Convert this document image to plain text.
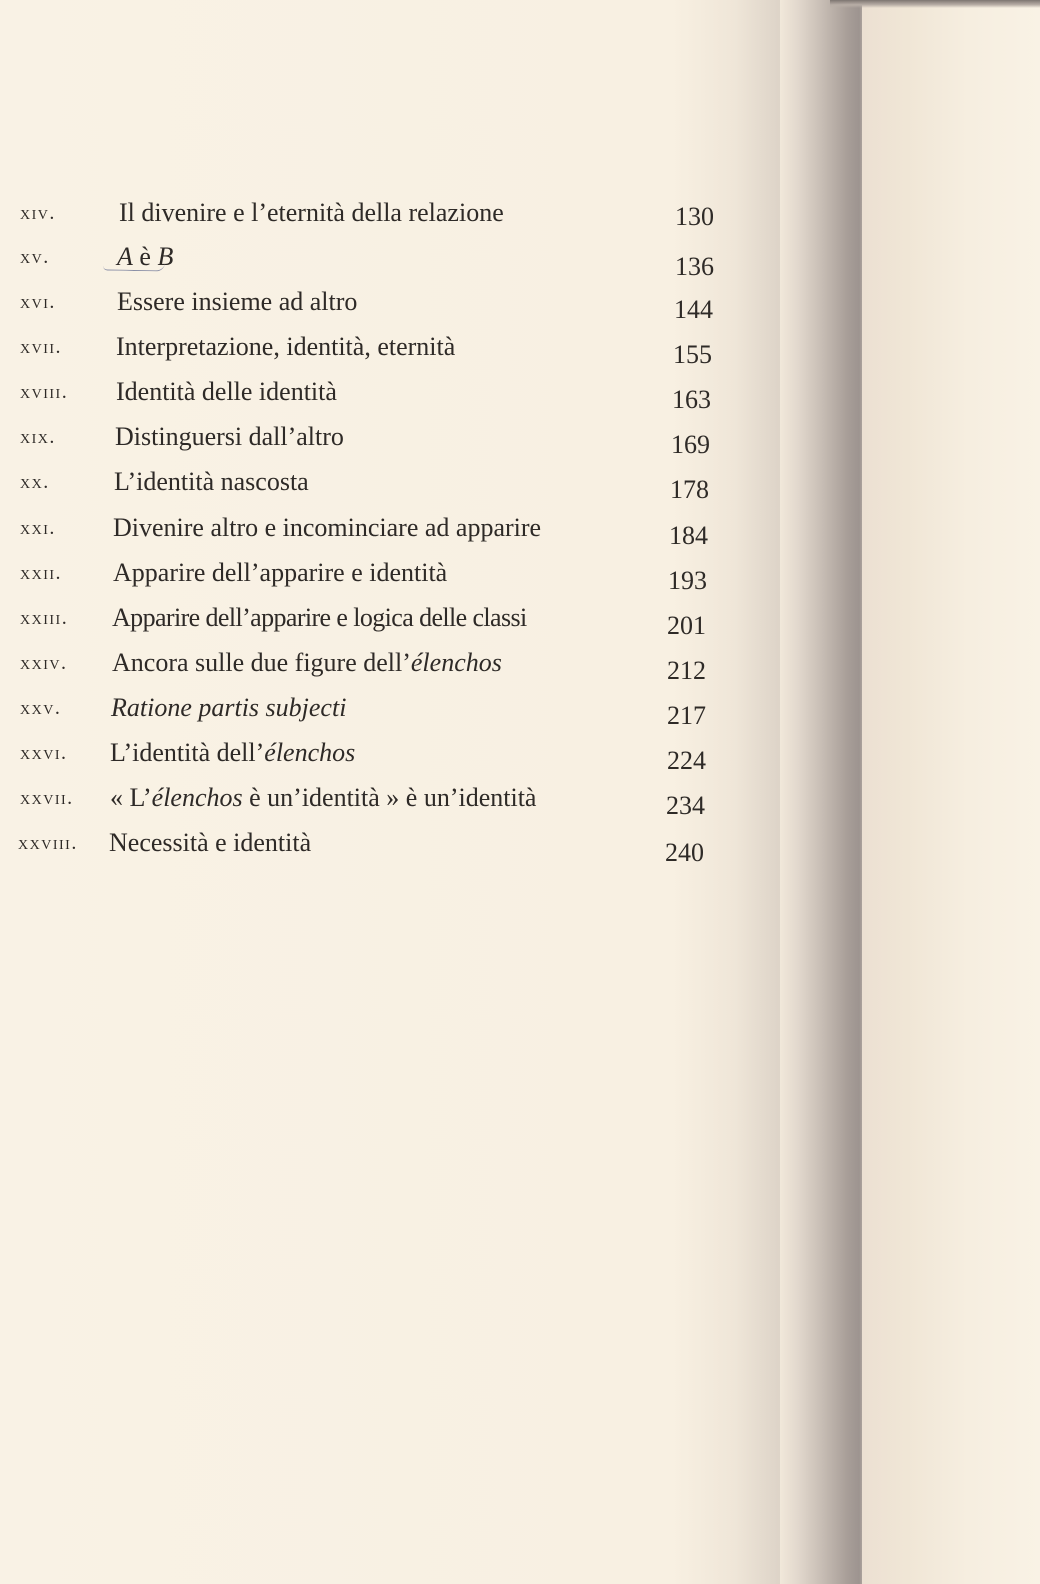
xiv. Il divenire e l’eternità della relazione	130
xv.	A è B	136
xvi. Essere insieme ad altro	144
xvii. Interpretazione, identità, eternità	155
xviii. Identità delle identità	163
xix. Distinguersi dall’altro	169
xx. L’identità nascosta	178
xxi. Divenire altro e incominciare ad apparire	184
xxii. Apparire dell’apparire e identità	193
xxiii. Apparire dell’apparire e logica delle classi	201
xxiv. Ancora sulle due figure dell’élenchos	212
xxv. Ratione partis subjecti	217
xxvi. L’identità dell’élenchos	224
xxvii. « L’élenchos è un’identità » è un’identità	234
xxviii. Necessità e identità	240
